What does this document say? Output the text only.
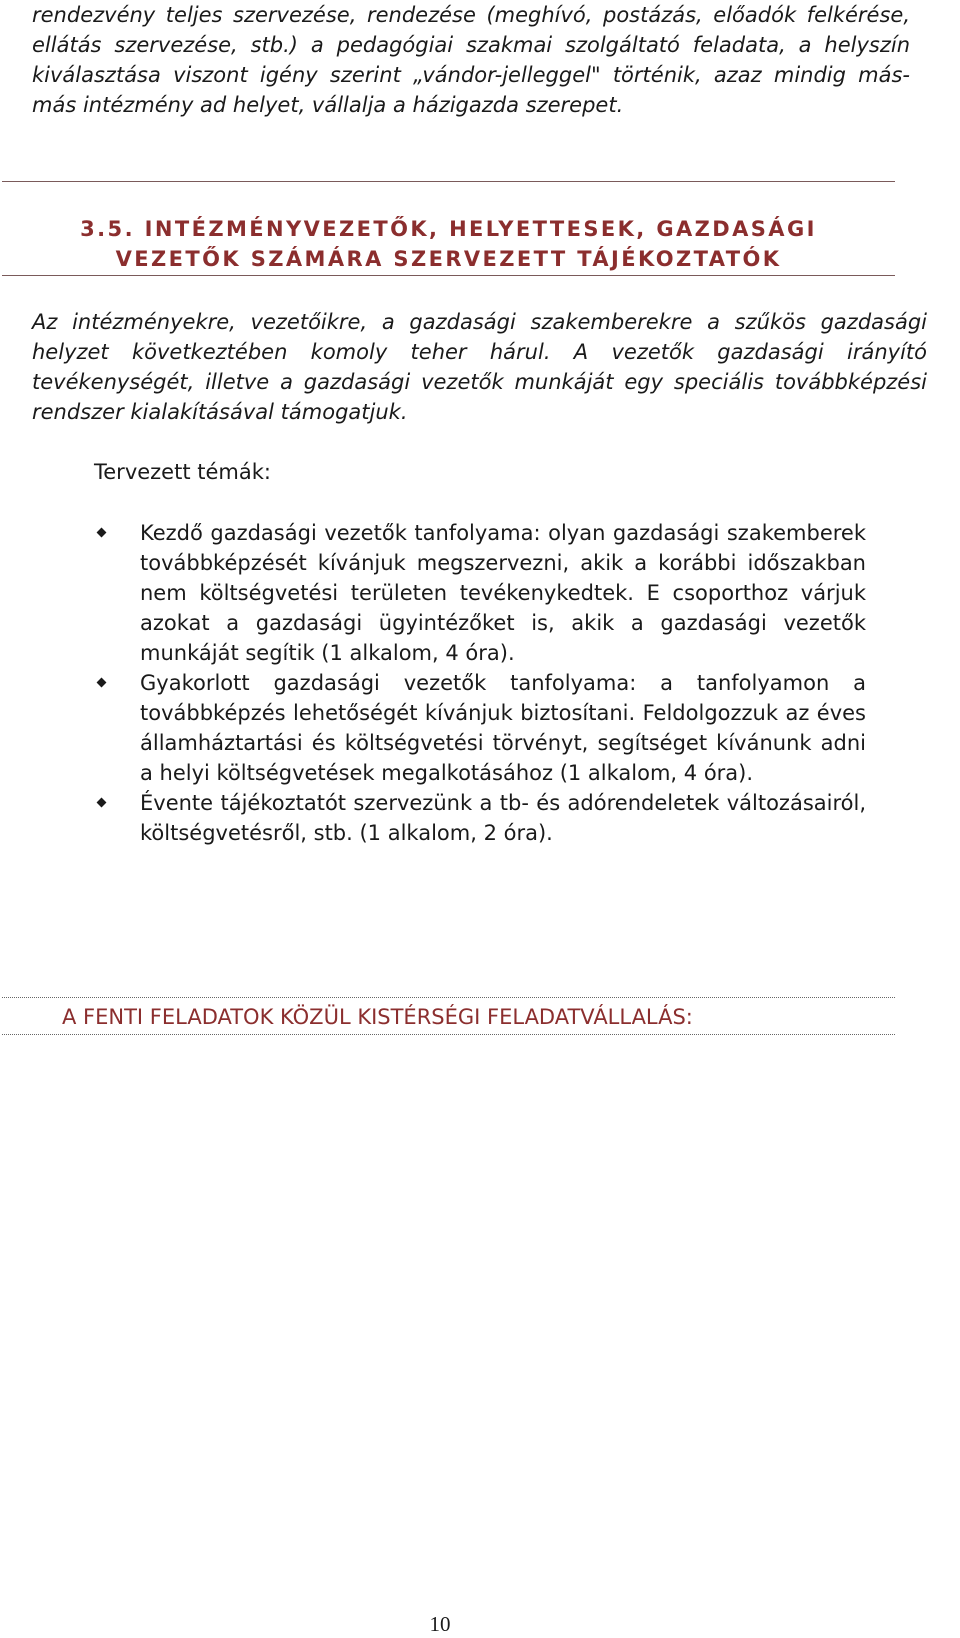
rendezvény teljes szervezése, rendezése (meghívó, postázás, előadók felkérése, ellátás szervezése, stb.) a pedagógiai szakmai szolgáltató feladata, a helyszín kiválasztása viszont igény szerint „vándor-jelleggel" történik, azaz mindig más-más intézmény ad helyet, vállalja a házigazda szerepet.

3.5. INTÉZMÉNYVEZETŐK, HELYETTESEK, GAZDASÁGI
VEZETŐK SZÁMÁRA SZERVEZETT TÁJÉKOZTATÓK

Az intézményekre, vezetőikre, a gazdasági szakemberekre a szűkös gazdasági helyzet következtében komoly teher hárul. A vezetők gazdasági irányító tevékenységét, illetve a gazdasági vezetők munkáját egy speciális továbbképzési rendszer kialakításával támogatjuk.

Tervezett témák:

Kezdő gazdasági vezetők tanfolyama: olyan gazdasági szakemberek továbbképzését kívánjuk megszervezni, akik a korábbi időszakban nem költségvetési területen tevékenykedtek. E csoporthoz várjuk azokat a gazdasági ügyintézőket is, akik a gazdasági vezetők munkáját segítik (1 alkalom, 4 óra).
Gyakorlott gazdasági vezetők tanfolyama: a tanfolyamon a továbbképzés lehetőségét kívánjuk biztosítani. Feldolgozzuk az éves államháztartási és költségvetési törvényt, segítséget kívánunk adni a helyi költségvetések megalkotásához (1 alkalom, 4 óra).
Évente tájékoztatót szervezünk a tb- és adórendeletek változásairól, költségvetésről, stb. (1 alkalom, 2 óra).

A FENTI FELADATOK KÖZÜL KISTÉRSÉGI FELADATVÁLLALÁS:

10
